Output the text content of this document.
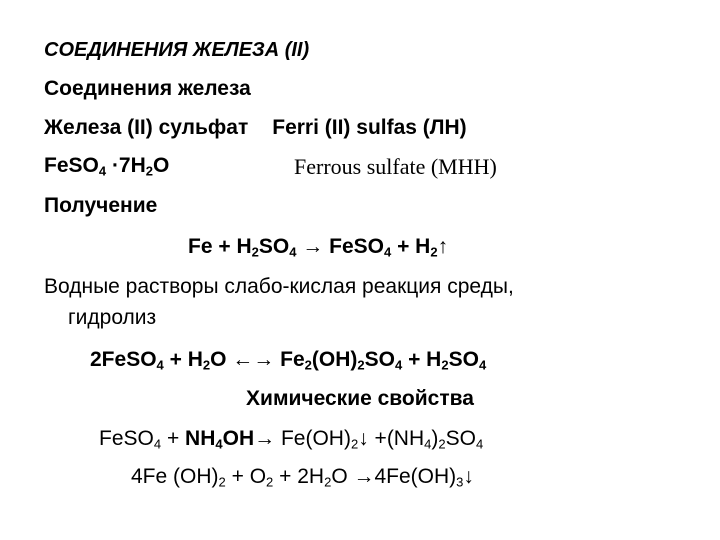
СОЕДИНЕНИЯ ЖЕЛЕЗА (II)
Соединения железа
Железа (II) сульфат Ferri (II) sulfas (ЛН)
FeSO$_4$ $\cdot 7H_2O$	Ferrous sulfate (МНН)
Получение
$Fe + H_2SO_4$ → FeSO$_4$ + $H_2↑$
Водные растворы слабо-кислая реакция среды,
гидролиз
2FeSO$_4$ + $H_2O$ ←→ $Fe_2(OH)_2SO_4 + H_2SO_4$
Химические свойства
FeSO$_4$ + $NH_4OH\to$ $Fe(OH)_2↓ +(NH_4)_2SO_4$
4Fe $(OH)_2 + O_2 + 2H_2O$ $\to 4Fe(OH)_3↓$
